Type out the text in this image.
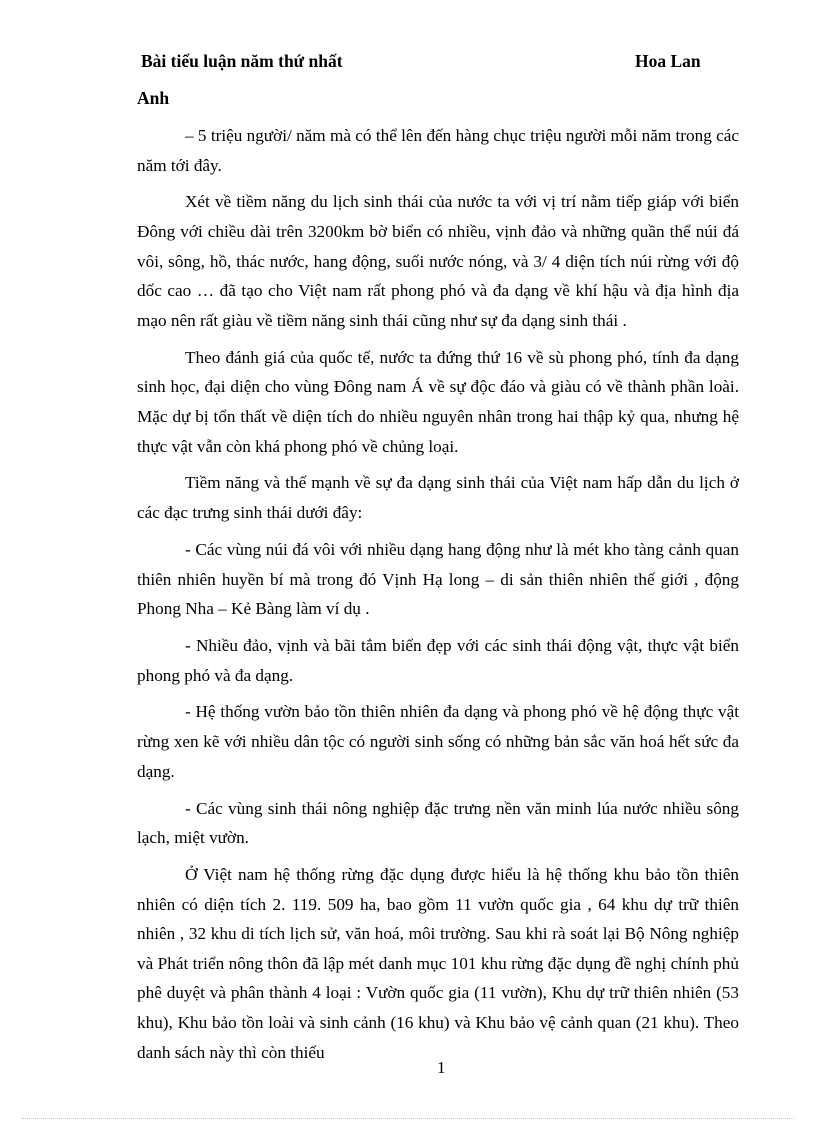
Bài tiểu luận năm thứ nhất	Hoa Lan
Anh

– 5 triệu người/ năm mà có thể lên đến hàng chục triệu người mỗi năm trong các năm tới đây.

Xét về tiềm năng du lịch sinh thái của nước ta với vị trí nằm tiếp giáp với biển Đông với chiều dài trên 3200km bờ biển có nhiều, vịnh đảo và những quần thể núi đá vôi, sông, hồ, thác nước, hang động, suối nước nóng, và 3/ 4 diện tích núi rừng với độ dốc cao … đã tạo cho Việt nam rất phong phó và đa dạng về khí hậu và địa hình địa mạo nên rất giàu về tiềm năng sinh thái cũng như sự đa dạng sinh thái .

Theo đánh giá của quốc tế, nước ta đứng thứ 16 về sù phong phó, tính đa dạng sinh học, đại diện cho vùng Đông nam Á về sự độc đáo và giàu có về thành phần loài. Mặc dự bị tổn thất về diện tích do nhiều nguyên nhân trong hai thập kỷ qua, nhưng hệ thực vật vẫn còn khá phong phó về chủng loại.

Tiềm năng và thế mạnh về sự đa dạng sinh thái của Việt nam hấp dẫn du lịch ở các đạc trưng sinh thái dưới đây:

- Các vùng núi đá vôi với nhiều dạng hang động như là mét kho tàng cảnh quan thiên nhiên huyền bí mà trong đó Vịnh Hạ long – di sản thiên nhiên thế giới , động Phong Nha – Kẻ Bàng làm ví dụ .

- Nhiều đảo, vịnh và bãi tắm biển đẹp với các sinh thái động vật, thực vật biển phong phó và đa dạng.

- Hệ thống vườn bảo tồn thiên nhiên đa dạng và phong phó về hệ động thực vật rừng xen kẽ với nhiều dân tộc có người sinh sống có những bản sắc văn hoá hết sức đa dạng.

- Các vùng sinh thái nông nghiệp đặc trưng nền văn minh lúa nước nhiều sông lạch, miệt vườn.

Ở Việt nam hệ thống rừng đặc dụng được hiểu là hệ thống khu bảo tồn thiên nhiên có diện tích 2. 119. 509 ha, bao gồm 11 vườn quốc gia , 64 khu dự trữ thiên nhiên , 32 khu di tích lịch sử, văn hoá, môi trường. Sau khi rà soát lại Bộ Nông nghiệp và Phát triển nông thôn đã lập mét danh mục 101 khu rừng đặc dụng đề nghị chính phủ phê duyệt và phân thành 4 loại : Vườn quốc gia (11 vườn), Khu dự trữ thiên nhiên (53 khu), Khu bảo tồn loài và sinh cảnh (16 khu) và Khu bảo vệ cảnh quan (21 khu). Theo danh sách này thì còn thiếu

1
